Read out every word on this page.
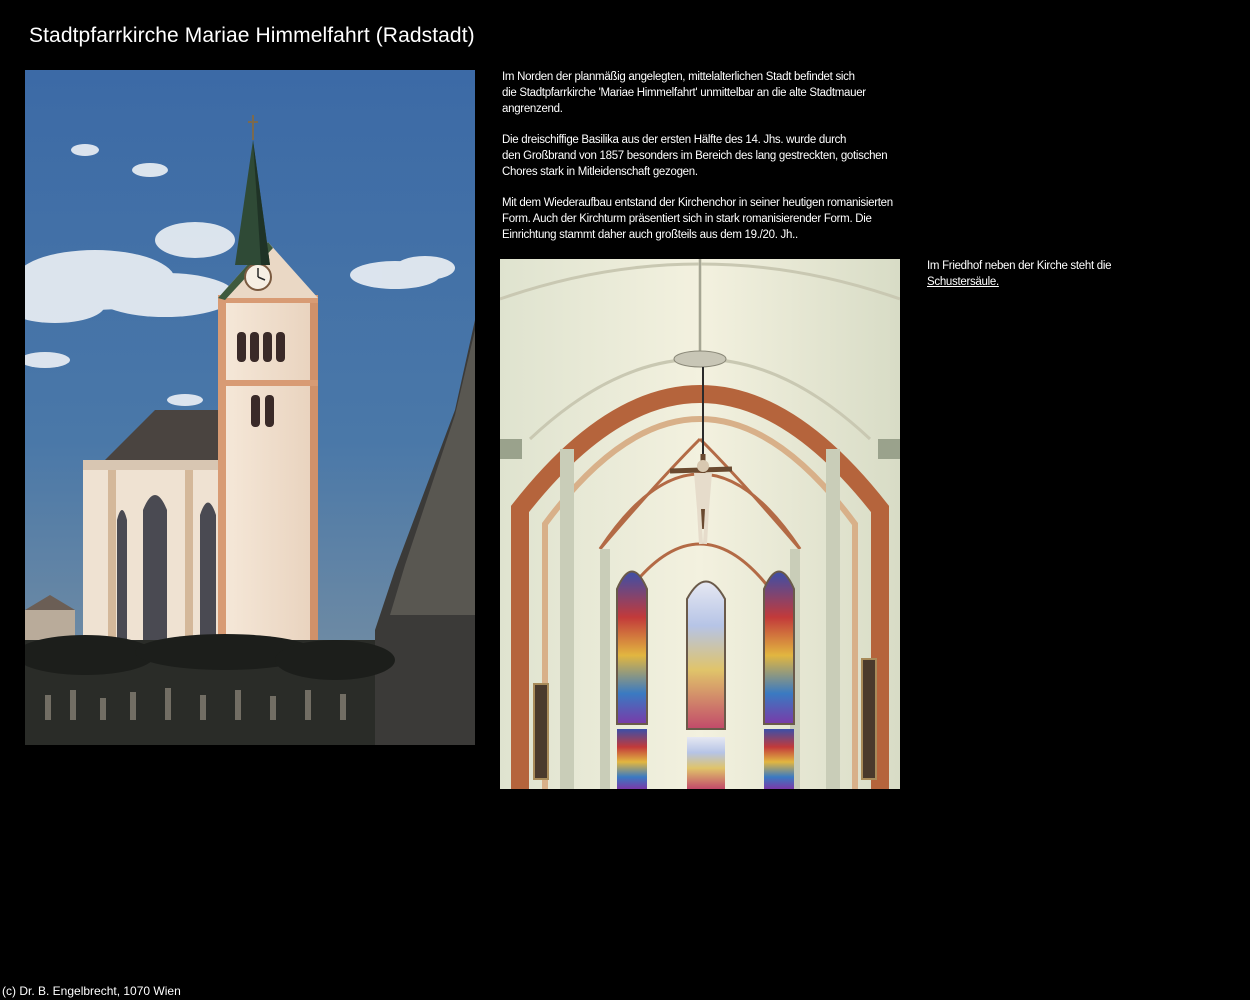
Stadtpfarrkirche Mariae Himmelfahrt (Radstadt)

Im Norden der planmäßig angelegten, mittelalterlichen Stadt befindet sich
die Stadtpfarrkirche 'Mariae Himmelfahrt' unmittelbar an die alte Stadtmauer
angrenzend.

Die dreischiffige Basilika aus der ersten Hälfte des 14. Jhs. wurde durch
den Großbrand von 1857 besonders im Bereich des lang gestreckten, gotischen
Chores stark in Mitleidenschaft gezogen.

Mit dem Wiederaufbau entstand der Kirchenchor in seiner heutigen romanisierten
Form. Auch der Kirchturm präsentiert sich in stark romanisierender Form. Die
Einrichtung stammt daher auch großteils aus dem 19./20. Jh..

Im Friedhof neben der Kirche steht die
Schustersäule.
(c) Dr. B. Engelbrecht, 1070 Wien
